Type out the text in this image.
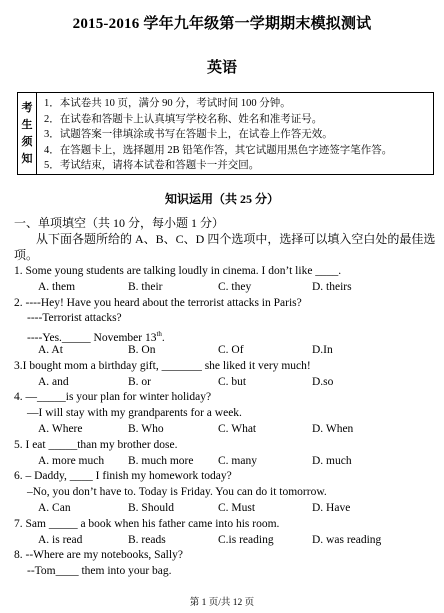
2015-2016 学年九年级第一学期期末模拟测试
英语
考
生
须
知
1．本试卷共 10 页，满分 90 分，考试时间 100 分钟。
2．在试卷和答题卡上认真填写学校名称、姓名和准考证号。
3．试题答案一律填涂或书写在答题卡上，在试卷上作答无效。
4．在答题卡上，选择题用 2B 铅笔作答，其它试题用黑色字迹签字笔作答。
5．考试结束，请将本试卷和答题卡一并交回。
知识运用（共 25 分）
一、单项填空（共 10 分，每小题 1 分）
从下面各题所给的 A、B、C、D 四个选项中，选择可以填入空白处的最佳选项。
1. Some young students are talking loudly in cinema. I don’t like ____.
A. them	B. their	C. they	D. theirs
2. ----Hey! Have you heard about the terrorist attacks in Paris?
----Terrorist attacks?
----Yes._____ November 13th.
A. At	B. On	C. Of	D.In
3.I bought mom a birthday gift, _______ she liked it very much!
A. and	B. or	C. but	D.so
4. —_____is your plan for winter holiday?
—I will stay with my grandparents for a week.
A. Where	B. Who	C. What	D. When
5. I eat _____than my brother dose.
A. more much	B. much more	C. many	D. much
6. – Daddy, ____ I finish my homework today?
–No, you don’t have to. Today is Friday. You can do it tomorrow.
A. Can	B. Should	C. Must	D. Have
7. Sam _____ a book when his father came into his room.
A. is read	B. reads	C.is reading	D. was reading
8. --Where are my notebooks, Sally?
--Tom____ them into your bag.
第 1 页/共 12 页
